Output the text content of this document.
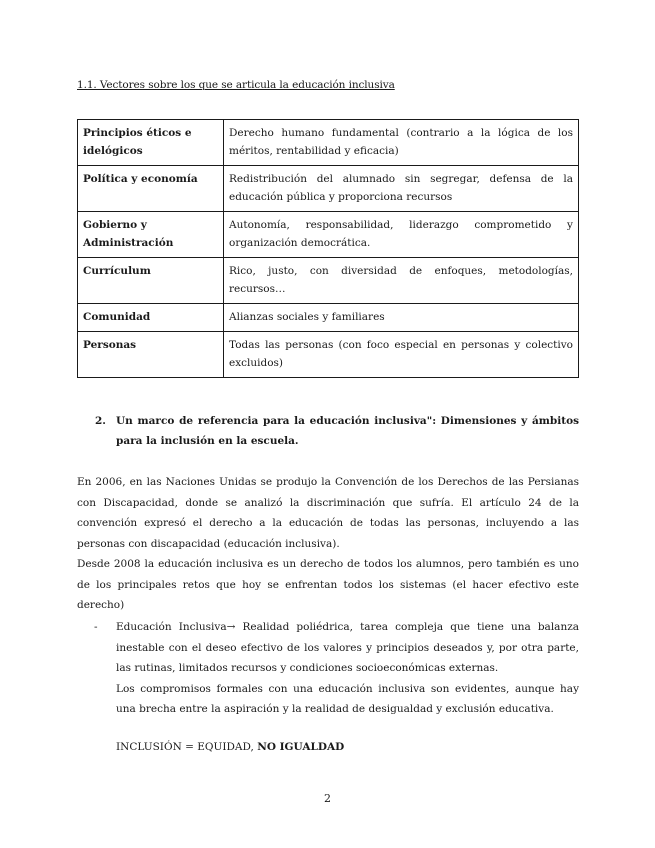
1.1. Vectores sobre los que se articula la educación inclusiva
Principios éticos e idelógicos	Derecho humano fundamental (contrario a la lógica de los méritos, rentabilidad y eficacia)
Política y economía	Redistribución del alumnado sin segregar, defensa de la educación pública y proporciona recursos
Gobierno y Administración	Autonomía, responsabilidad, liderazgo comprometido y organización democrática.
Currículum	Rico, justo, con diversidad de enfoques, metodologías, recursos…
Comunidad	Alianzas sociales y familiares
Personas	Todas las personas (con foco especial en personas y colectivo excluidos)
2. Un marco de referencia para la educación inclusiva": Dimensiones y ámbitos para la inclusión en la escuela.
En 2006, en las Naciones Unidas se produjo la Convención de los Derechos de las Persianas con Discapacidad, donde se analizó la discriminación que sufría. El artículo 24 de la convención expresó el derecho a la educación de todas las personas, incluyendo a las personas con discapacidad (educación inclusiva).
Desde 2008 la educación inclusiva es un derecho de todos los alumnos, pero también es uno de los principales retos que hoy se enfrentan todos los sistemas (el hacer efectivo este derecho)
-	Educación Inclusiva→ Realidad poliédrica, tarea compleja que tiene una balanza inestable con el deseo efectivo de los valores y principios deseados y, por otra parte, las rutinas, limitados recursos y condiciones socioeconómicas externas.

Los compromisos formales con una educación inclusiva son evidentes, aunque hay una brecha entre la aspiración y la realidad de desigualdad y exclusión educativa.

INCLUSIÓN = EQUIDAD, NO IGUALDAD
2
